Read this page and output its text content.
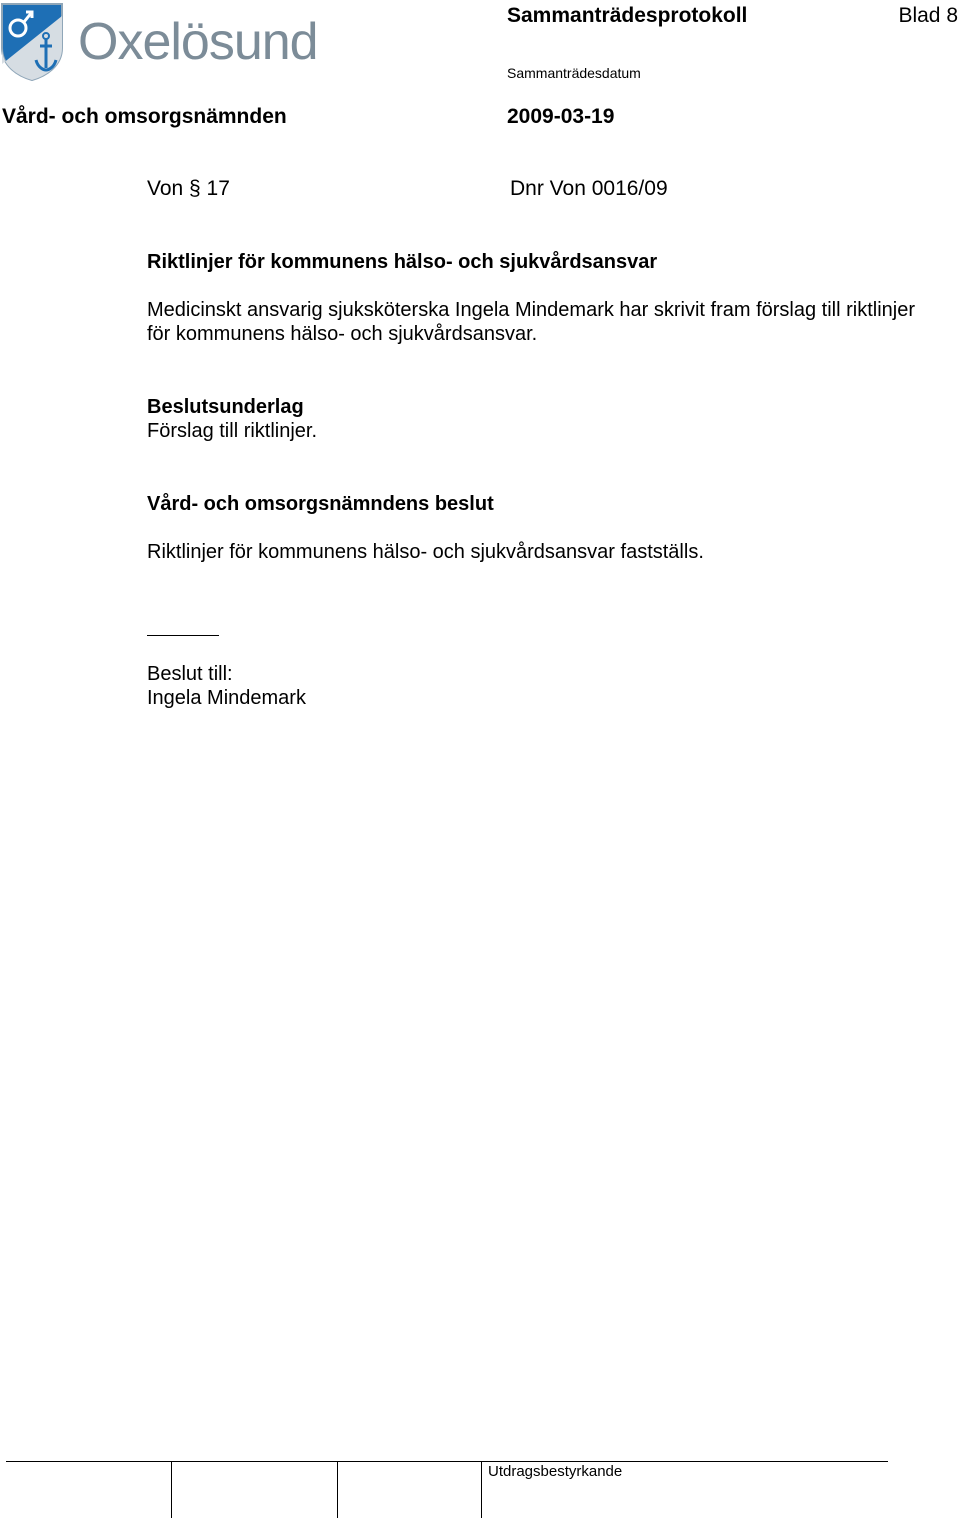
Oxelösund	Sammanträdesprotokoll	Blad 8
Sammanträdesdatum
Vård- och omsorgsnämnden	2009-03-19
Von § 17	Dnr Von 0016/09
Riktlinjer för kommunens hälso- och sjukvårdsansvar
Medicinskt ansvarig sjuksköterska Ingela Mindemark har skrivit fram förslag till riktlinjer för kommunens hälso- och sjukvårdsansvar.
Beslutsunderlag
Förslag till riktlinjer.
Vård- och omsorgsnämndens beslut
Riktlinjer för kommunens hälso- och sjukvårdsansvar fastställs.
Beslut till:
Ingela Mindemark
Utdragsbestyrkande
